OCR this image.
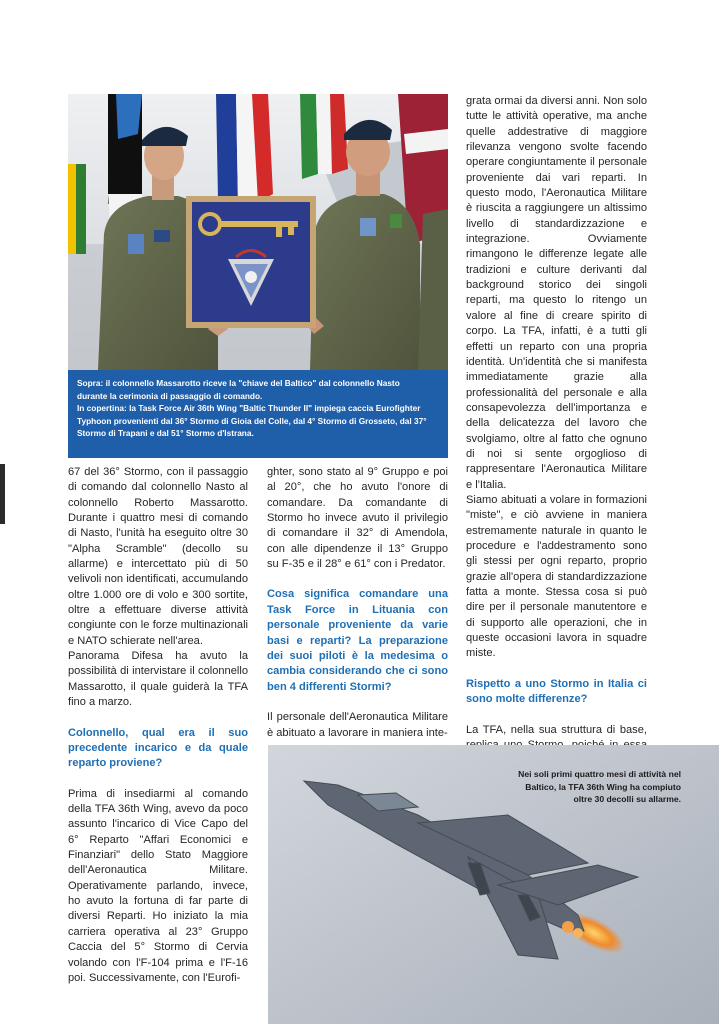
Sopra: il colonnello Massarotto riceve la "chiave del Baltico" dal colonnello Nasto

durante la cerimonia di passaggio di comando.

In copertina: la Task Force Air 36th Wing "Baltic Thunder II" impiega caccia Eurofighter

Typhoon provenienti dal 36° Stormo di Gioia del Colle, dal 4° Stormo di Grosseto, dal 37°

Stormo di Trapani e dal 51° Stormo d'Istrana.

grata ormai da diversi anni. Non solo tutte le attività operative, ma anche quelle addestrative di maggiore rilevanza vengono svolte facendo operare congiuntamente il personale proveniente dai vari reparti. In questo modo, l'Aeronautica Militare è riuscita a raggiungere un altissimo livello di standardizzazione e integrazione. Ovviamente rimangono le differenze legate alle tradizioni e culture derivanti dal background storico dei singoli reparti, ma questo lo ritengo un valore al fine di creare spirito di corpo. La TFA, infatti, è a tutti gli effetti un reparto con una propria identità. Un'identità che si manifesta immediatamente grazie alla professionalità del personale e alla consapevolezza dell'importanza e della delicatezza del lavoro che svolgiamo, oltre al fatto che ognuno di noi si sente orgoglioso di rappresentare l'Aeronautica Militare e l'Italia.

Siamo abituati a volare in formazioni "miste", e ciò avviene in maniera estremamente naturale in quanto le procedure e l'addestramento sono gli stessi per ogni reparto, proprio grazie all'opera di standardizzazione fatta a monte. Stessa cosa si può dire per il personale manutentore e di supporto alle operazioni, che in queste occasioni lavora in squadre miste.

Rispetto a uno Stormo in Italia ci sono molte differenze?

La TFA, nella sua struttura di base,

67 del 36° Stormo, con il passaggio di comando dal colonnello Nasto al colonnello Roberto Massarotto. Durante i quattro mesi di comando di Nasto, l'unità ha eseguito oltre 30 "Alpha Scramble" (decollo su allarme) e intercettato più di 50 velivoli non identificati, accumulando oltre 1.000 ore di volo e 300 sortite, oltre a effettuare diverse attività congiunte con le forze multinazionali e NATO schierate nell'area.

Panorama Difesa ha avuto la possibilità di intervistare il colonnello Massarotto, il quale guiderà la TFA fino a marzo.

Colonnello, qual era il suo precedente incarico e da quale reparto proviene?

Prima di insediarmi al comando della TFA 36th Wing, avevo da poco assunto l'incarico di Vice Capo del 6° Reparto "Affari Economici e Finanziari" dello Stato Maggiore dell'Aeronautica Militare. Operativamente parlando, invece, ho avuto la fortuna di far parte di diversi Reparti. Ho iniziato la mia carriera operativa al 23° Gruppo Caccia del 5° Stormo di Cervia volando con l'F-104 prima e l'F-16 poi. Successivamente, con l'Eurofi-

ghter, sono stato al 9° Gruppo e poi al 20°, che ho avuto l'onore di comandare. Da comandante di Stormo ho invece avuto il privilegio di comandare il 32° di Amendola, con alle dipendenze il 13° Gruppo su F-35 e il 28° e 61° con i Predator.

Cosa significa comandare una Task Force in Lituania con personale proveniente da varie basi e reparti? La preparazione dei suoi piloti è la medesima o cambia considerando che ci sono ben 4 differenti Stormi?

Il personale dell'Aeronautica Militare è abituato a lavorare in maniera inte-

Nei soli primi quattro mesi di attività nel
Baltico, la TFA 36th Wing ha compiuto
oltre 30 decolli su allarme.
